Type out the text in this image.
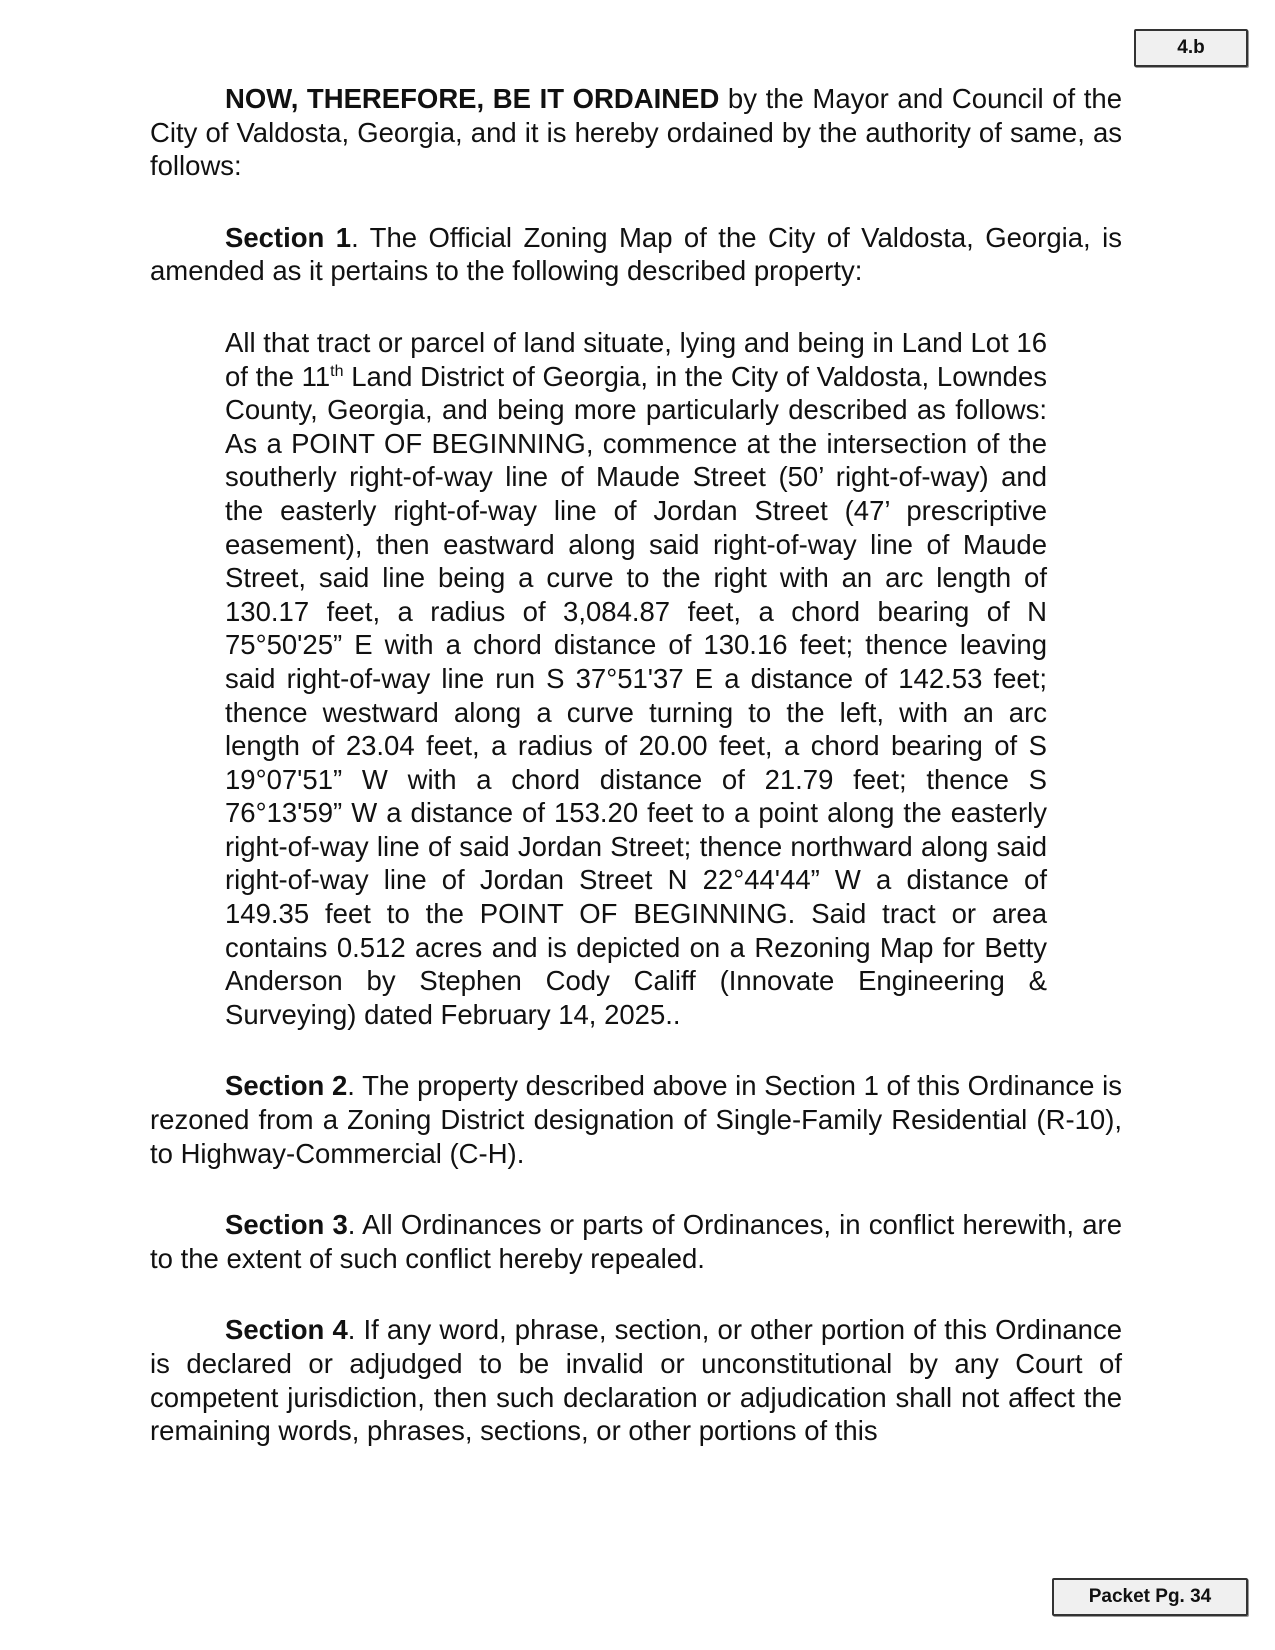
4.b

NOW, THEREFORE, BE IT ORDAINED by the Mayor and Council of the City of Valdosta, Georgia, and it is hereby ordained by the authority of same, as follows:

Section 1. The Official Zoning Map of the City of Valdosta, Georgia, is amended as it pertains to the following described property:

All that tract or parcel of land situate, lying and being in Land Lot 16 of the 11th Land District of Georgia, in the City of Valdosta, Lowndes County, Georgia, and being more particularly described as follows: As a POINT OF BEGINNING, commence at the intersection of the southerly right-of-way line of Maude Street (50’ right-of-way) and the easterly right-of-way line of Jordan Street (47’ prescriptive easement), then eastward along said right-of-way line of Maude Street, said line being a curve to the right with an arc length of 130.17 feet, a radius of 3,084.87 feet, a chord bearing of N 75°50'25” E with a chord distance of 130.16 feet; thence leaving said right-of-way line run S 37°51'37 E a distance of 142.53 feet; thence westward along a curve turning to the left, with an arc length of 23.04 feet, a radius of 20.00 feet, a chord bearing of S 19°07'51” W with a chord distance of 21.79 feet; thence S 76°13'59” W a distance of 153.20 feet to a point along the easterly right-of-way line of said Jordan Street; thence northward along said right-of-way line of Jordan Street N 22°44'44” W a distance of 149.35 feet to the POINT OF BEGINNING. Said tract or area contains 0.512 acres and is depicted on a Rezoning Map for Betty Anderson by Stephen Cody Califf (Innovate Engineering & Surveying) dated February 14, 2025..

Section 2. The property described above in Section 1 of this Ordinance is rezoned from a Zoning District designation of Single-Family Residential (R-10), to Highway-Commercial (C-H).

Section 3. All Ordinances or parts of Ordinances, in conflict herewith, are to the extent of such conflict hereby repealed.

Section 4. If any word, phrase, section, or other portion of this Ordinance is declared or adjudged to be invalid or unconstitutional by any Court of competent jurisdiction, then such declaration or adjudication shall not affect the remaining words, phrases, sections, or other portions of this

Packet Pg. 34
